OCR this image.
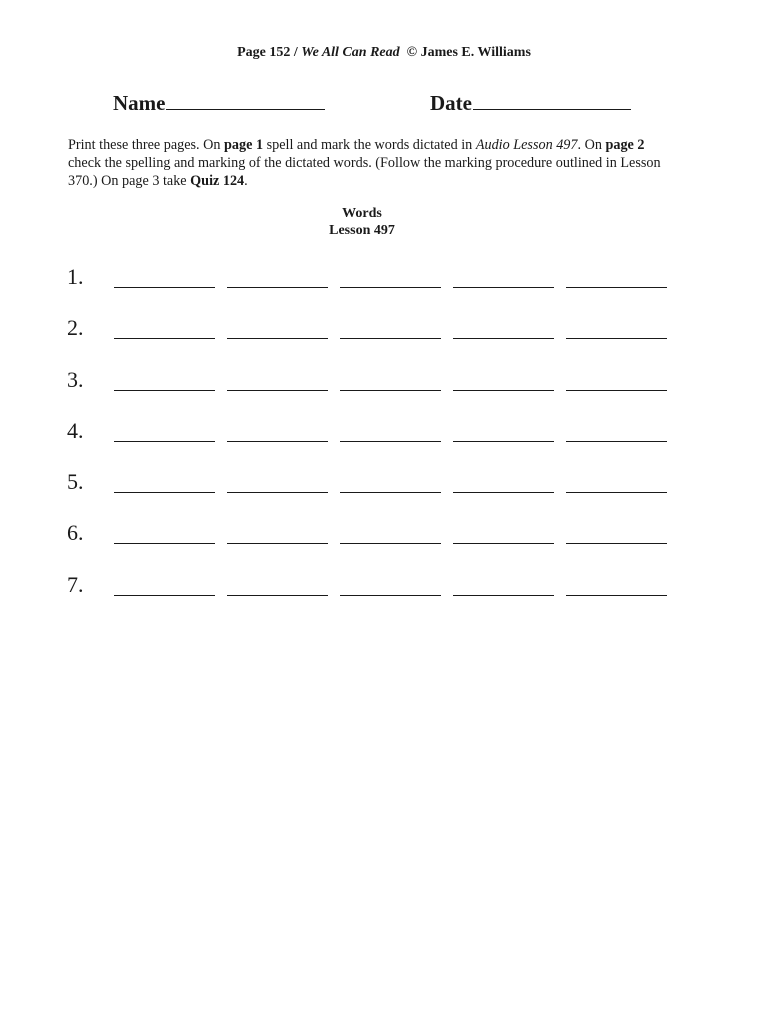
Page 152 / We All Can Read  © James E. Williams
Name	Date
Print these three pages. On page 1 spell and mark the words dictated in Audio Lesson 497. On page 2 check the spelling and marking of the dictated words. (Follow the marking procedure outlined in Lesson 370.) On page 3 take Quiz 124.
Words
Lesson 497
1.
2.
3.
4.
5.
6.
7.
